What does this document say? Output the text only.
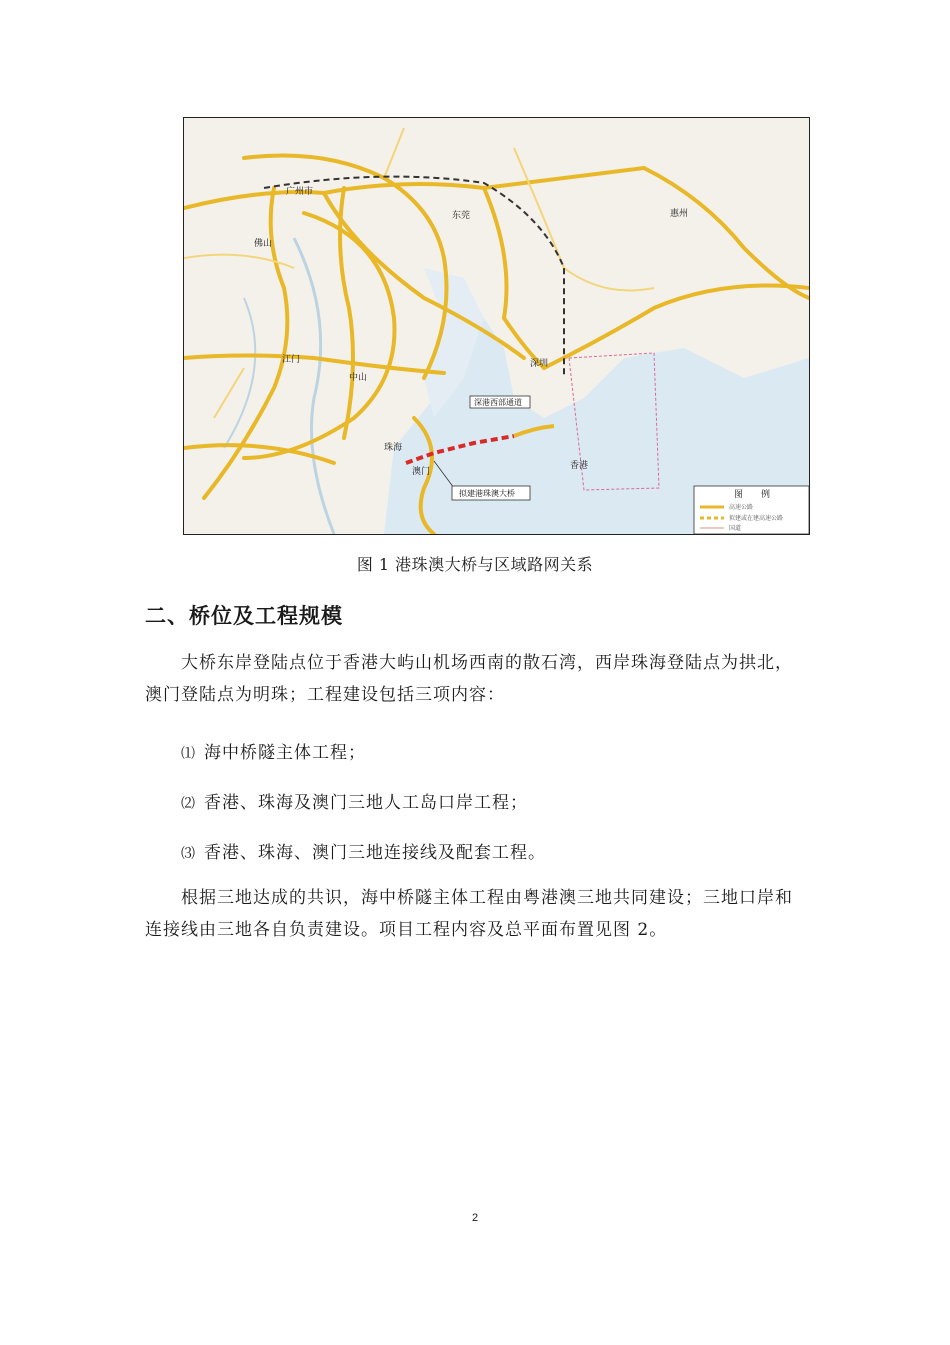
广州市
佛山
东莞
江门
中山
深圳
珠海
澳门
香港
惠州
深港西部通道
拟建港珠澳大桥	图　　例
高速公路
拟建或在建高速公路
国道
图 1 港珠澳大桥与区域路网关系
二、桥位及工程规模
大桥东岸登陆点位于香港大屿山机场西南的散石湾，西岸珠海登陆点为拱北，澳门登陆点为明珠；工程建设包括三项内容：
⑴ 海中桥隧主体工程；
⑵ 香港、珠海及澳门三地人工岛口岸工程；
⑶ 香港、珠海、澳门三地连接线及配套工程。
根据三地达成的共识，海中桥隧主体工程由粤港澳三地共同建设；三地口岸和连接线由三地各自负责建设。项目工程内容及总平面布置见图 2。
2
